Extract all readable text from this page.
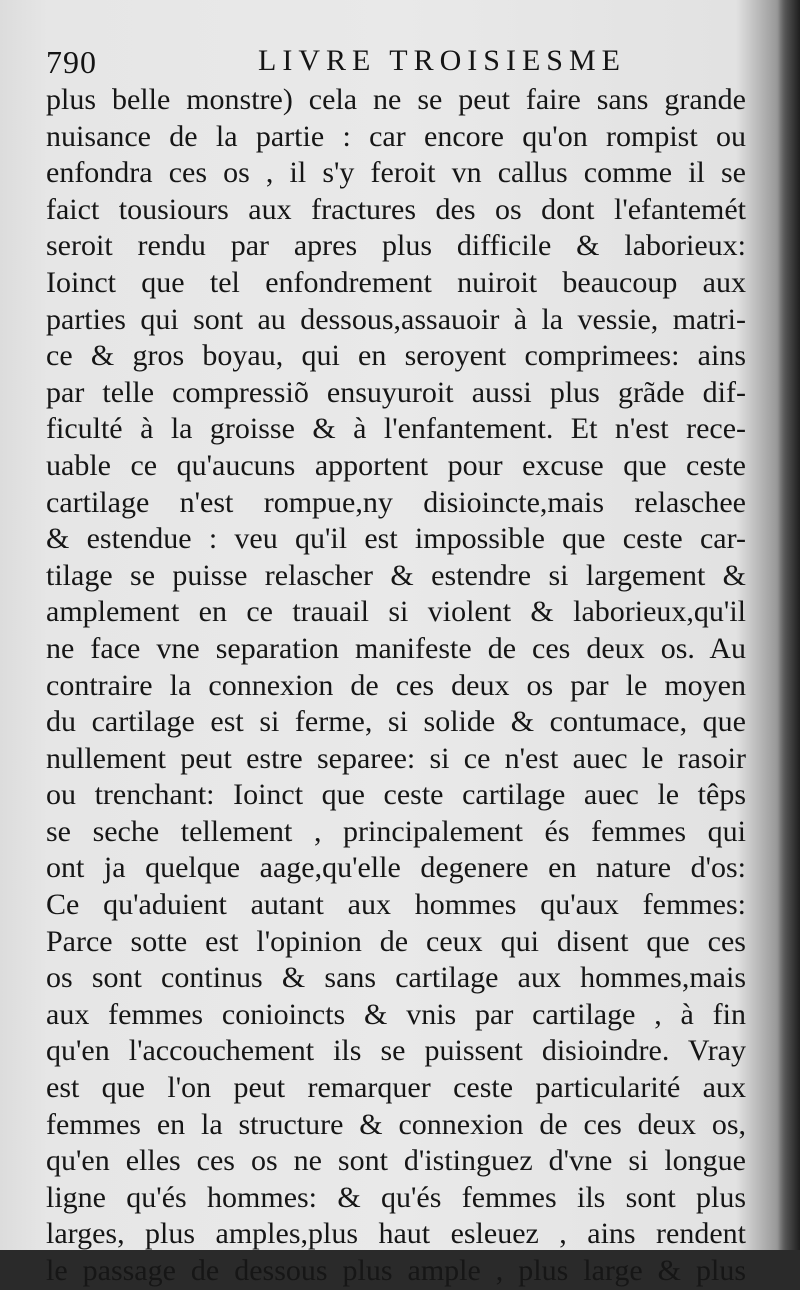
790	LIVRE TROISIESME
plus belle monstre) cela ne se peut faire sans grande
nuisance de la partie : car encore qu'on rompist ou
enfondra ces os , il s'y feroit vn callus comme il se
faict tousiours aux fractures des os dont l'efantemét
seroit rendu par apres plus difficile & laborieux:
Ioinct que tel enfondrement nuiroit beaucoup aux
parties qui sont au dessous,assauoir à la vessie, matri-
ce & gros boyau, qui en seroyent comprimees: ains
par telle compressiõ ensuyuroit aussi plus grãde dif-
ficulté à la groisse & à l'enfantement. Et n'est rece-
uable ce qu'aucuns apportent pour excuse que ceste
cartilage n'est rompue,ny disioincte,mais relaschee
& estendue : veu qu'il est impossible que ceste car-
tilage se puisse relascher & estendre si largement &
amplement en ce trauail si violent & laborieux,qu'il
ne face vne separation manifeste de ces deux os. Au
contraire la connexion de ces deux os par le moyen
du cartilage est si ferme, si solide & contumace, que
nullement peut estre separee: si ce n'est auec le rasoir
ou trenchant: Ioinct que ceste cartilage auec le têps
se seche tellement , principalement és femmes qui
ont ja quelque aage,qu'elle degenere en nature d'os:
Ce qu'aduient autant aux hommes qu'aux femmes:
Parce sotte est l'opinion de ceux qui disent que ces
os sont continus & sans cartilage aux hommes,mais
aux femmes conioincts & vnis par cartilage , à fin
qu'en l'accouchement ils se puissent disioindre. Vray
est que l'on peut remarquer ceste particularité aux
femmes en la structure & connexion de ces deux os,
qu'en elles ces os ne sont d'istinguez d'vne si longue
ligne qu'és hommes: & qu'és femmes ils sont plus
larges, plus amples,plus haut esleuez , ains rendent
le passage de dessous plus ample , plus large & plus
